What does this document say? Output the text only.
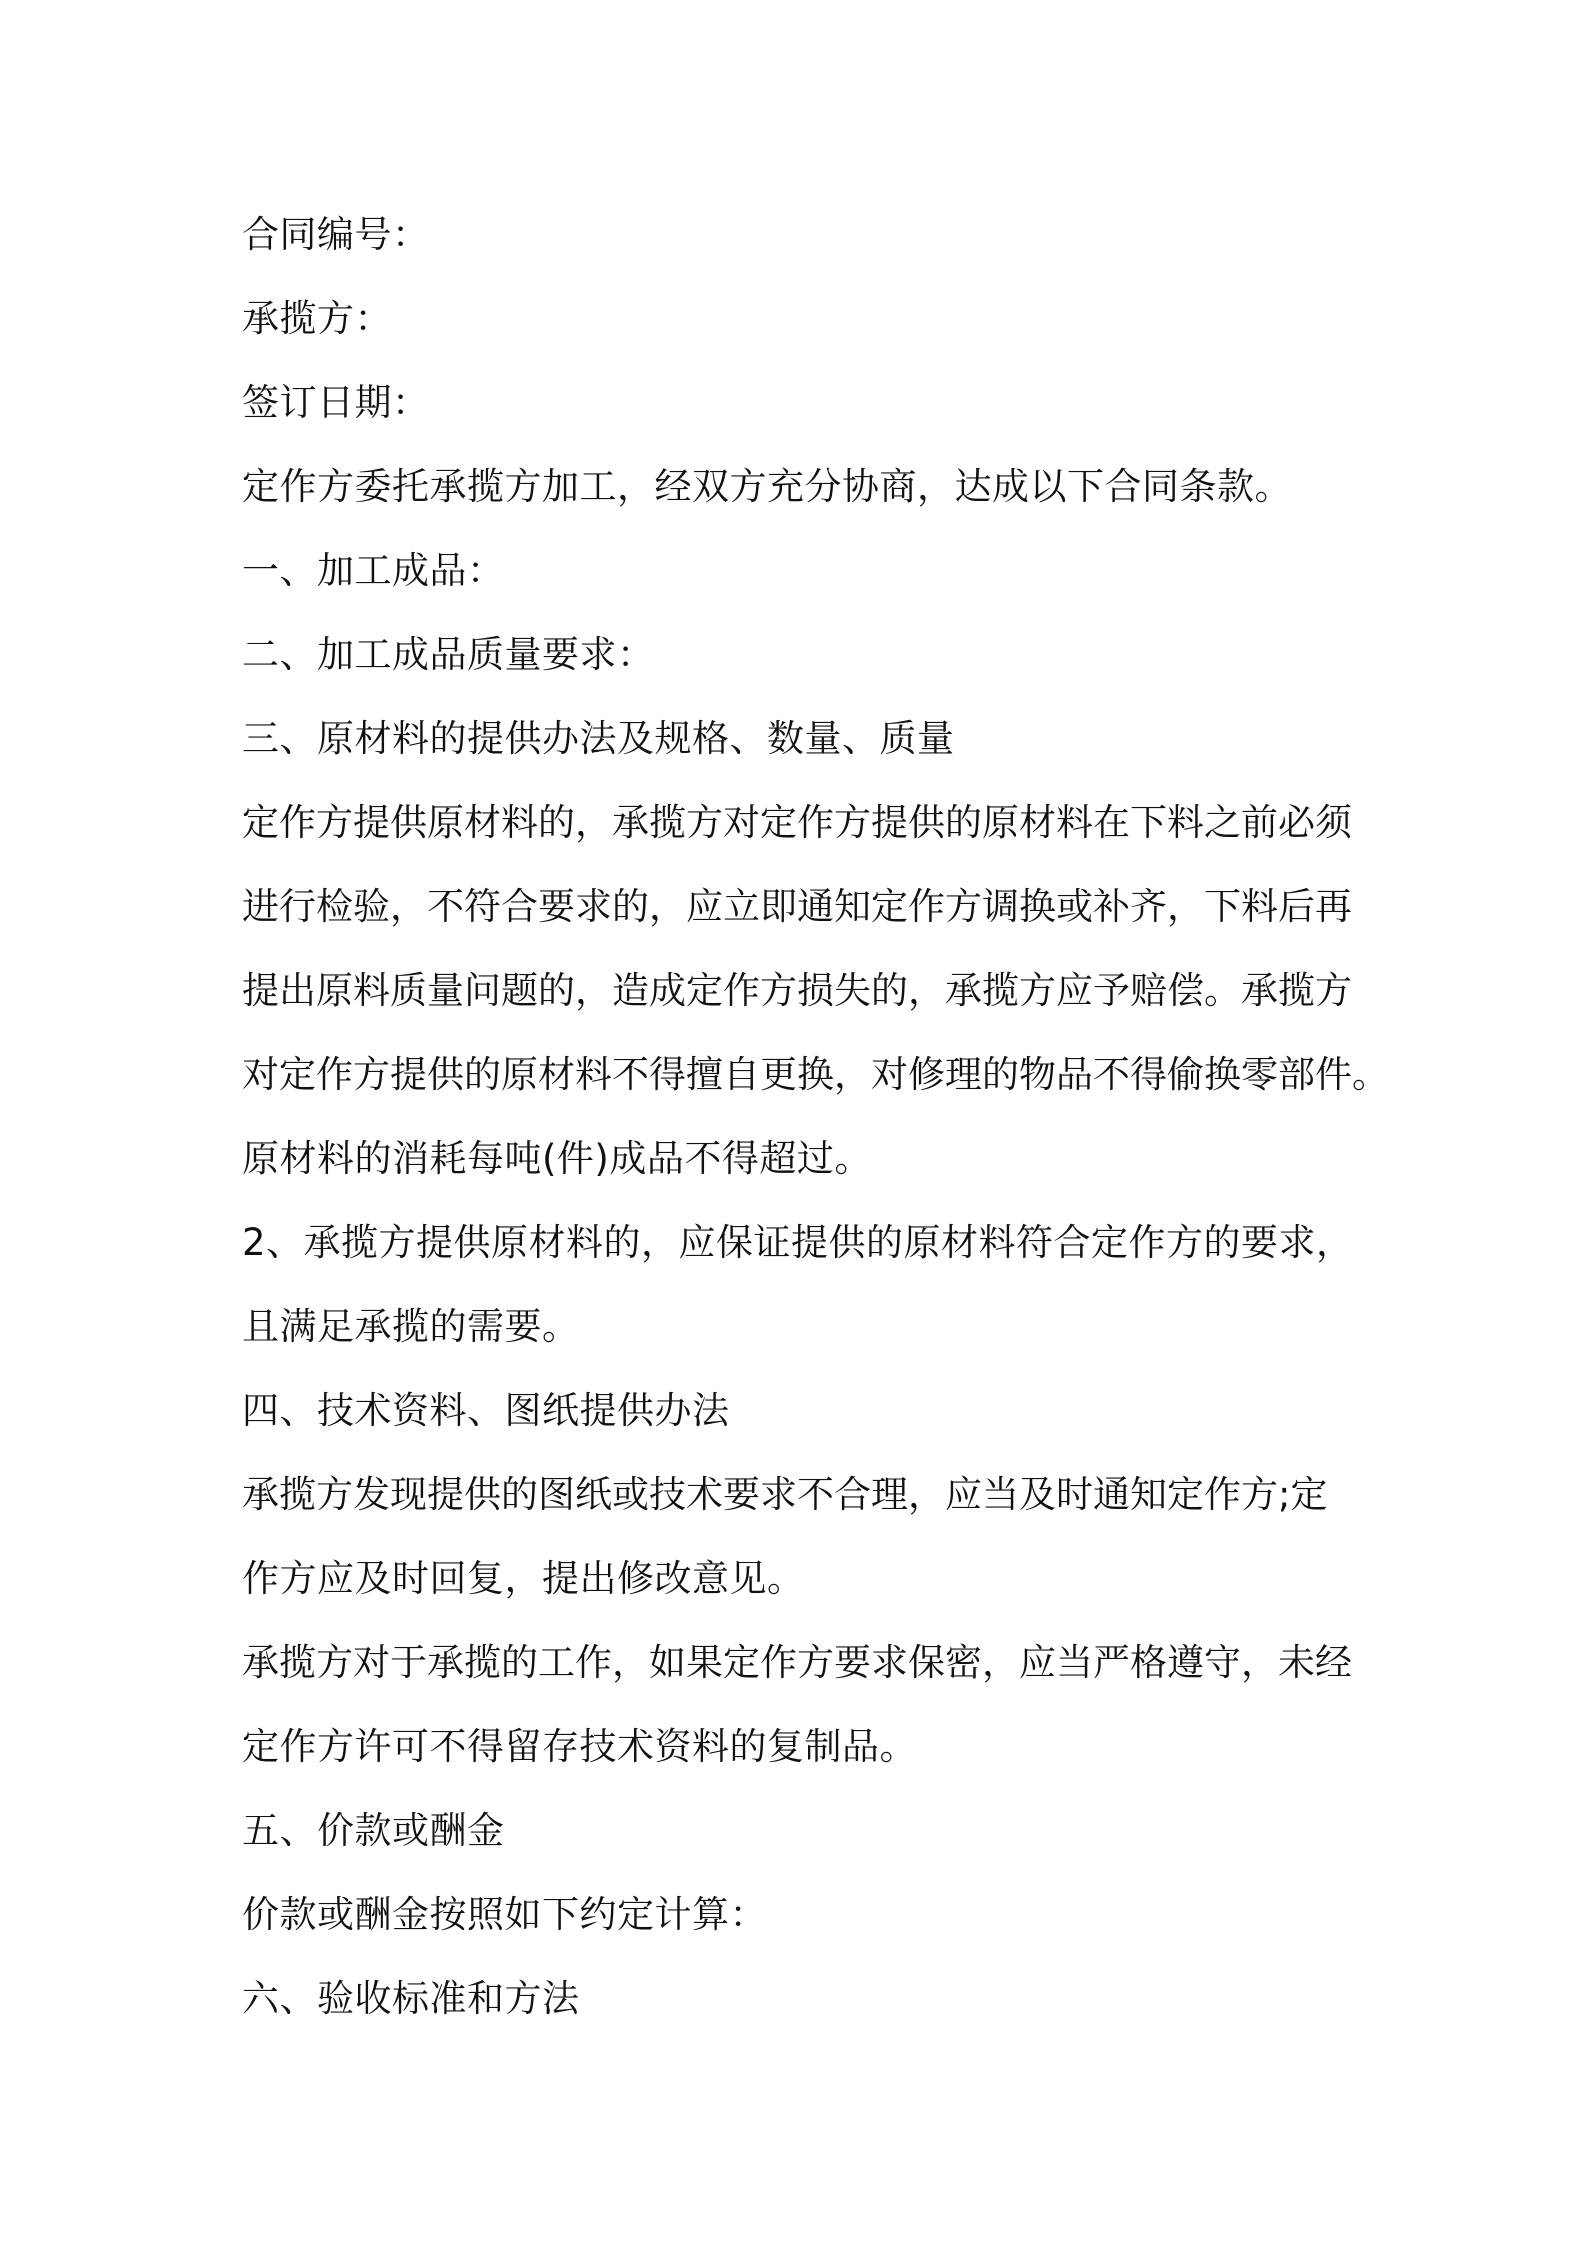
合同编号：
承揽方：
签订日期：
定作方委托承揽方加工，经双方充分协商，达成以下合同条款。
一、加工成品：
二、加工成品质量要求：
三、原材料的提供办法及规格、数量、质量
定作方提供原材料的，承揽方对定作方提供的原材料在下料之前必须
进行检验，不符合要求的，应立即通知定作方调换或补齐，下料后再
提出原料质量问题的，造成定作方损失的，承揽方应予赔偿。承揽方
对定作方提供的原材料不得擅自更换，对修理的物品不得偷换零部件。
原材料的消耗每吨(件)成品不得超过。
2、承揽方提供原材料的，应保证提供的原材料符合定作方的要求，
且满足承揽的需要。
四、技术资料、图纸提供办法
承揽方发现提供的图纸或技术要求不合理，应当及时通知定作方;定
作方应及时回复，提出修改意见。
承揽方对于承揽的工作，如果定作方要求保密，应当严格遵守，未经
定作方许可不得留存技术资料的复制品。
五、价款或酬金
价款或酬金按照如下约定计算：
六、验收标准和方法
